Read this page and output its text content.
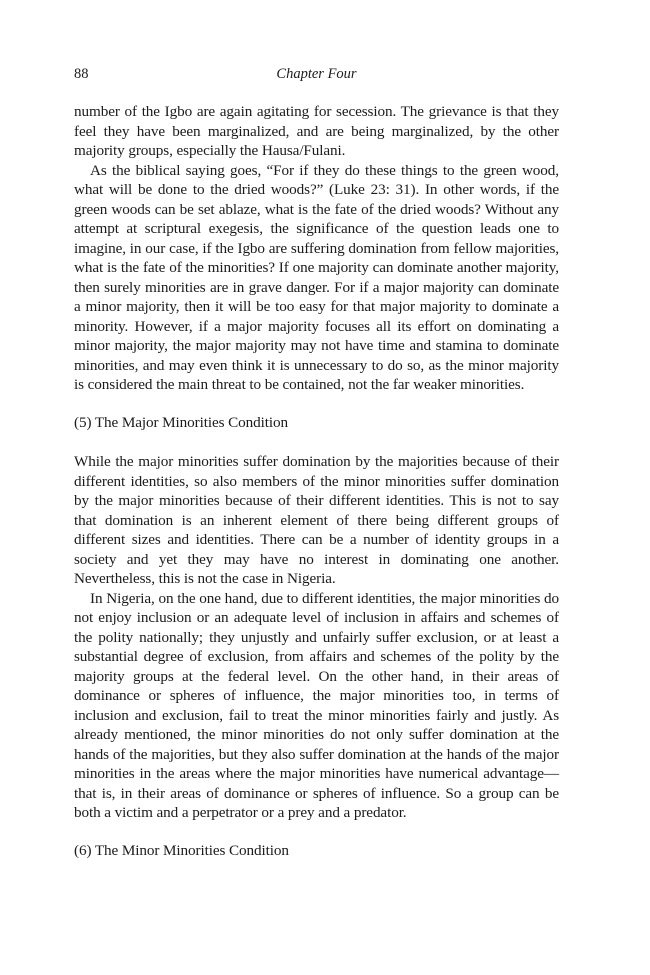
88	Chapter Four

number of the Igbo are again agitating for secession. The grievance is that they feel they have been marginalized, and are being marginalized, by the other majority groups, especially the Hausa/Fulani.

As the biblical saying goes, “For if they do these things to the green wood, what will be done to the dried woods?” (Luke 23: 31). In other words, if the green woods can be set ablaze, what is the fate of the dried woods? Without any attempt at scriptural exegesis, the significance of the question leads one to imagine, in our case, if the Igbo are suffering domination from fellow majorities, what is the fate of the minorities? If one majority can dominate another majority, then surely minorities are in grave danger. For if a major majority can dominate a minor majority, then it will be too easy for that major majority to dominate a minority. However, if a major majority focuses all its effort on dominating a minor majority, the major majority may not have time and stamina to dominate minorities, and may even think it is unnecessary to do so, as the minor majority is considered the main threat to be contained, not the far weaker minorities.

(5) The Major Minorities Condition

While the major minorities suffer domination by the majorities because of their different identities, so also members of the minor minorities suffer domination by the major minorities because of their different identities. This is not to say that domination is an inherent element of there being different groups of different sizes and identities. There can be a number of identity groups in a society and yet they may have no interest in dominating one another. Nevertheless, this is not the case in Nigeria.

In Nigeria, on the one hand, due to different identities, the major minorities do not enjoy inclusion or an adequate level of inclusion in affairs and schemes of the polity nationally; they unjustly and unfairly suffer exclusion, or at least a substantial degree of exclusion, from affairs and schemes of the polity by the majority groups at the federal level. On the other hand, in their areas of dominance or spheres of influence, the major minorities too, in terms of inclusion and exclusion, fail to treat the minor minorities fairly and justly. As already mentioned, the minor minorities do not only suffer domination at the hands of the majorities, but they also suffer domination at the hands of the major minorities in the areas where the major minorities have numerical advantage—that is, in their areas of dominance or spheres of influence. So a group can be both a victim and a perpetrator or a prey and a predator.

(6) The Minor Minorities Condition
